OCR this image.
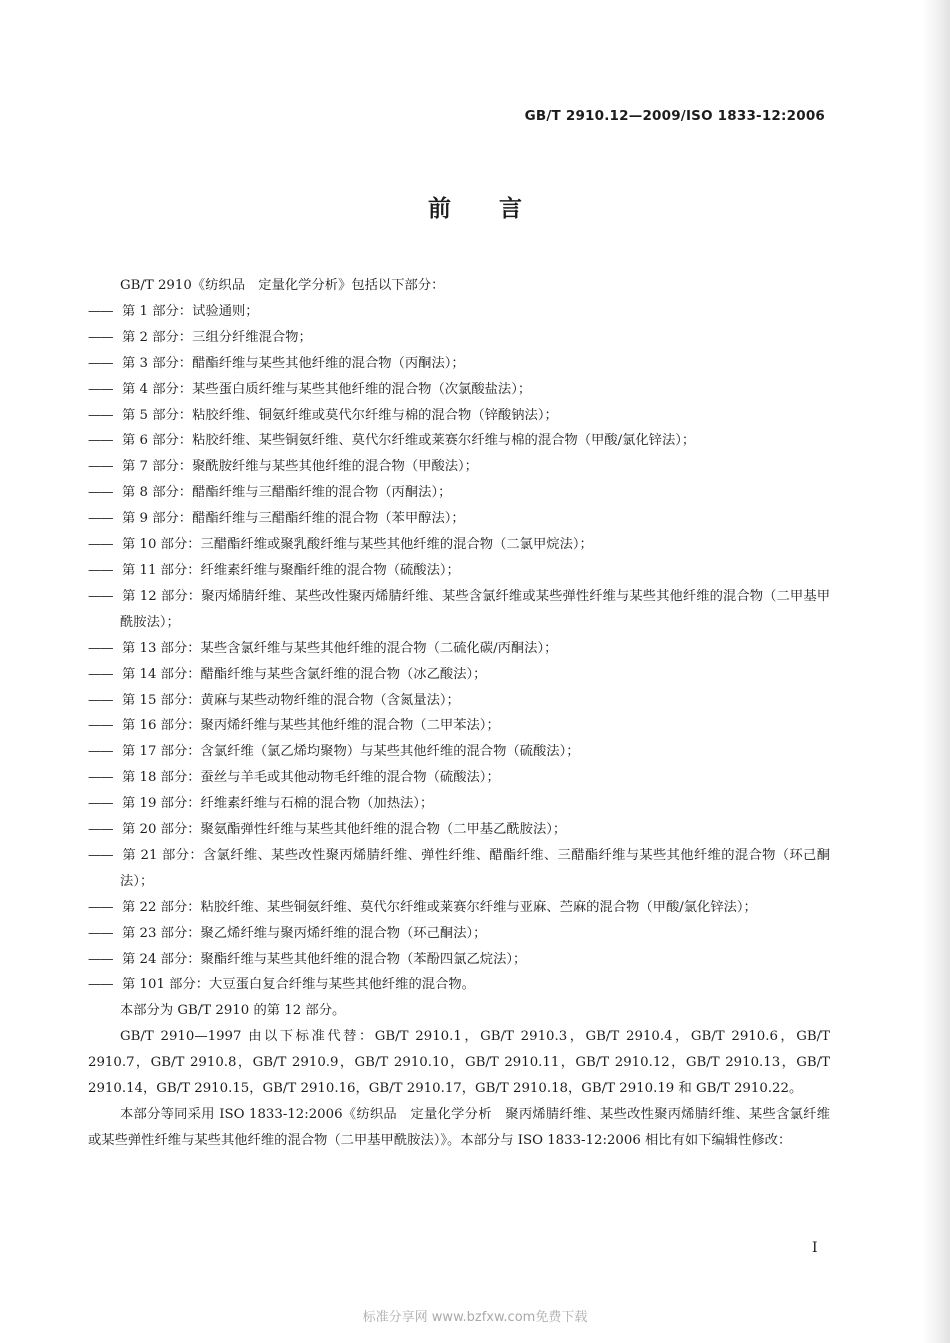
GB/T 2910.12—2009/ISO 1833-12:2006
前言

GB/T 2910《纺织品　定量化学分析》包括以下部分：

—— 第 1 部分：试验通则；

—— 第 2 部分：三组分纤维混合物；

—— 第 3 部分：醋酯纤维与某些其他纤维的混合物（丙酮法）；

—— 第 4 部分：某些蛋白质纤维与某些其他纤维的混合物（次氯酸盐法）；

—— 第 5 部分：粘胶纤维、铜氨纤维或莫代尔纤维与棉的混合物（锌酸钠法）；

—— 第 6 部分：粘胶纤维、某些铜氨纤维、莫代尔纤维或莱赛尔纤维与棉的混合物（甲酸/氯化锌法）；

—— 第 7 部分：聚酰胺纤维与某些其他纤维的混合物（甲酸法）；

—— 第 8 部分：醋酯纤维与三醋酯纤维的混合物（丙酮法）；

—— 第 9 部分：醋酯纤维与三醋酯纤维的混合物（苯甲醇法）；

—— 第 10 部分：三醋酯纤维或聚乳酸纤维与某些其他纤维的混合物（二氯甲烷法）；

—— 第 11 部分：纤维素纤维与聚酯纤维的混合物（硫酸法）；

—— 第 12 部分：聚丙烯腈纤维、某些改性聚丙烯腈纤维、某些含氯纤维或某些弹性纤维与某些其他纤维的混合物（二甲基甲酰胺法）；

—— 第 13 部分：某些含氯纤维与某些其他纤维的混合物（二硫化碳/丙酮法）；

—— 第 14 部分：醋酯纤维与某些含氯纤维的混合物（冰乙酸法）；

—— 第 15 部分：黄麻与某些动物纤维的混合物（含氮量法）；

—— 第 16 部分：聚丙烯纤维与某些其他纤维的混合物（二甲苯法）；

—— 第 17 部分：含氯纤维（氯乙烯均聚物）与某些其他纤维的混合物（硫酸法）；

—— 第 18 部分：蚕丝与羊毛或其他动物毛纤维的混合物（硫酸法）；

—— 第 19 部分：纤维素纤维与石棉的混合物（加热法）；

—— 第 20 部分：聚氨酯弹性纤维与某些其他纤维的混合物（二甲基乙酰胺法）；

—— 第 21 部分：含氯纤维、某些改性聚丙烯腈纤维、弹性纤维、醋酯纤维、三醋酯纤维与某些其他纤维的混合物（环己酮法）；

—— 第 22 部分：粘胶纤维、某些铜氨纤维、莫代尔纤维或莱赛尔纤维与亚麻、苎麻的混合物（甲酸/氯化锌法）；

—— 第 23 部分：聚乙烯纤维与聚丙烯纤维的混合物（环己酮法）；

—— 第 24 部分：聚酯纤维与某些其他纤维的混合物（苯酚四氯乙烷法）；

—— 第 101 部分：大豆蛋白复合纤维与某些其他纤维的混合物。

本部分为 GB/T 2910 的第 12 部分。

GB/T 2910—1997 由以下标准代替：GB/T 2910.1，GB/T 2910.3，GB/T 2910.4，GB/T 2910.6，GB/T 2910.7，GB/T 2910.8，GB/T 2910.9，GB/T 2910.10，GB/T 2910.11，GB/T 2910.12，GB/T 2910.13，GB/T 2910.14，GB/T 2910.15，GB/T 2910.16，GB/T 2910.17，GB/T 2910.18，GB/T 2910.19 和 GB/T 2910.22。

本部分等同采用 ISO 1833-12:2006《纺织品　定量化学分析　聚丙烯腈纤维、某些改性聚丙烯腈纤维、某些含氯纤维或某些弹性纤维与某些其他纤维的混合物（二甲基甲酰胺法）》。本部分与 ISO 1833-12:2006 相比有如下编辑性修改：

I
标准分享网 www.bzfxw.com免费下载
